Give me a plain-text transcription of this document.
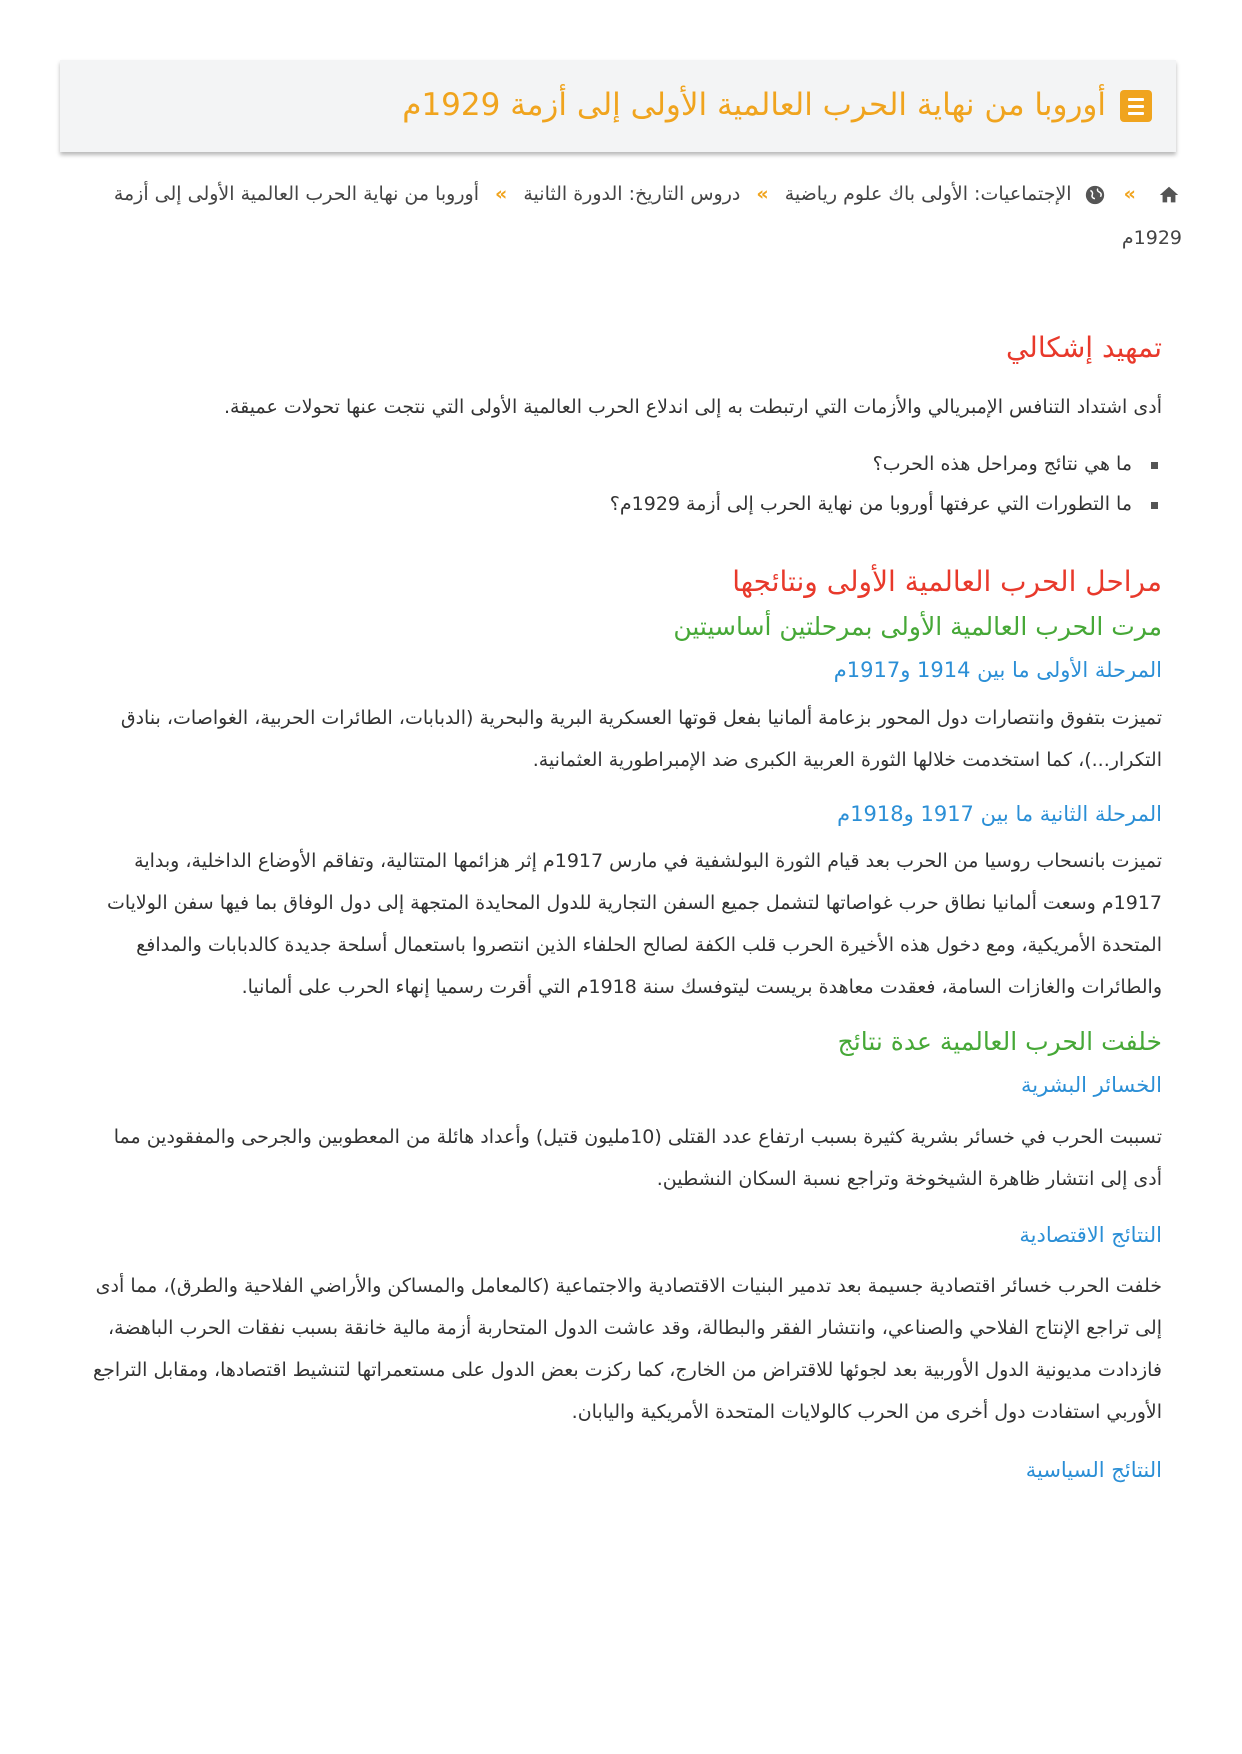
أوروبا من نهاية الحرب العالمية الأولى إلى أزمة 1929م
»  الإجتماعيات: الأولى باك علوم رياضية » دروس التاريخ: الدورة الثانية » أوروبا من نهاية الحرب العالمية الأولى إلى أزمة 1929م
تمهيد إشكالي

أدى اشتداد التنافس الإمبريالي والأزمات التي ارتبطت به إلى اندلاع الحرب العالمية الأولى التي نتجت عنها تحولات عميقة.

ما هي نتائج ومراحل هذه الحرب؟
ما التطورات التي عرفتها أوروبا من نهاية الحرب إلى أزمة 1929م؟
مراحل الحرب العالمية الأولى ونتائجها
مرت الحرب العالمية الأولى بمرحلتين أساسيتين
المرحلة الأولى ما بين 1914 و1917م

تميزت بتفوق وانتصارات دول المحور بزعامة ألمانيا بفعل قوتها العسكرية البرية والبحرية (الدبابات، الطائرات الحربية، الغواصات، بنادق التكرار...)، كما استخدمت خلالها الثورة العربية الكبرى ضد الإمبراطورية العثمانية.

المرحلة الثانية ما بين 1917 و1918م

تميزت بانسحاب روسيا من الحرب بعد قيام الثورة البولشفية في مارس 1917م إثر هزائمها المتتالية، وتفاقم الأوضاع الداخلية، وبداية 1917م وسعت ألمانيا نطاق حرب غواصاتها لتشمل جميع السفن التجارية للدول المحايدة المتجهة إلى دول الوفاق بما فيها سفن الولايات المتحدة الأمريكية، ومع دخول هذه الأخيرة الحرب قلب الكفة لصالح الحلفاء الذين انتصروا باستعمال أسلحة جديدة كالدبابات والمدافع والطائرات والغازات السامة، فعقدت معاهدة بريست ليتوفسك سنة 1918م التي أقرت رسميا إنهاء الحرب على ألمانيا.

خلفت الحرب العالمية عدة نتائج
الخسائر البشرية

تسببت الحرب في خسائر بشرية كثيرة بسبب ارتفاع عدد القتلى (10مليون قتيل) وأعداد هائلة من المعطوبين والجرحى والمفقودين مما أدى إلى انتشار ظاهرة الشيخوخة وتراجع نسبة السكان النشطين.

النتائج الاقتصادية

خلفت الحرب خسائر اقتصادية جسيمة بعد تدمير البنيات الاقتصادية والاجتماعية (كالمعامل والمساكن والأراضي الفلاحية والطرق)، مما أدى إلى تراجع الإنتاج الفلاحي والصناعي، وانتشار الفقر والبطالة، وقد عاشت الدول المتحاربة أزمة مالية خانقة بسبب نفقات الحرب الباهضة، فازدادت مديونية الدول الأوربية بعد لجوئها للاقتراض من الخارج، كما ركزت بعض الدول على مستعمراتها لتنشيط اقتصادها، ومقابل التراجع الأوربي استفادت دول أخرى من الحرب كالولايات المتحدة الأمريكية واليابان.

النتائج السياسية
